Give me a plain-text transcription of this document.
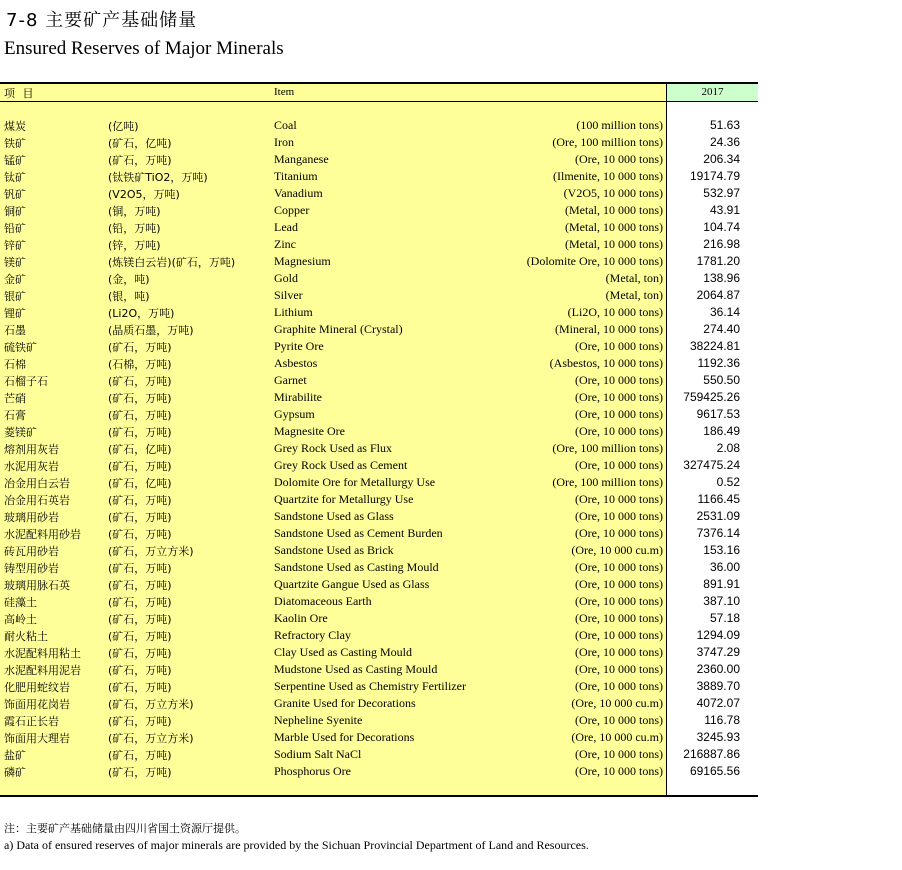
7-8 主要矿产基础储量
Ensured Reserves of Major Minerals
项 目	Item	2017
煤炭	(亿吨)	Coal	(100 million tons)	51.63
铁矿	(矿石，亿吨)	Iron	(Ore, 100 million tons)	24.36
锰矿	(矿石，万吨)	Manganese	(Ore, 10 000 tons)	206.34
钛矿	(钛铁矿TiO2，万吨)	Titanium	(Ilmenite, 10 000 tons) 19174.79
钒矿	(V2O5，万吨)	Vanadium	(V2O5, 10 000 tons)	532.97
铜矿	(铜，万吨)	Copper	(Metal, 10 000 tons)	43.91
铅矿	(铅，万吨)	Lead	(Metal, 10 000 tons)	104.74
锌矿	(锌，万吨)	Zinc	(Metal, 10 000 tons)	216.98
镁矿	(炼镁白云岩)(矿石，万吨)	Magnesium	(Dolomite Ore, 10 000 tons)	1781.20
金矿	(金，吨)	Gold	(Metal, ton)	138.96
银矿	(银，吨)	Silver	(Metal, ton)	2064.87
锂矿	(Li2O，万吨)	Lithium	(Li2O, 10 000 tons)	36.14
石墨	(晶质石墨，万吨)	Graphite Mineral (Crystal)	(Mineral, 10 000 tons)	274.40
硫铁矿	(矿石，万吨)	Pyrite Ore	(Ore, 10 000 tons) 38224.81
石棉	(石棉，万吨)	Asbestos	(Asbestos, 10 000 tons)	1192.36
石榴子石	(矿石，万吨)	Garnet	(Ore, 10 000 tons)	550.50
芒硝	(矿石，万吨)	Mirabilite	(Ore, 10 000 tons) 759425.26
石膏	(矿石，万吨)	Gypsum	(Ore, 10 000 tons)	9617.53
菱镁矿	(矿石，万吨)	Magnesite Ore	(Ore, 10 000 tons)	186.49
熔剂用灰岩	(矿石，亿吨)	Grey Rock Used as Flux	(Ore, 100 million tons)	2.08
水泥用灰岩	(矿石，万吨)	Grey Rock Used as Cement	(Ore, 10 000 tons) 327475.24
冶金用白云岩	(矿石，亿吨)	Dolomite Ore for Metallurgy Use	(Ore, 100 million tons)	0.52
冶金用石英岩	(矿石，万吨)	Quartzite for Metallurgy Use	(Ore, 10 000 tons)	1166.45
玻璃用砂岩	(矿石，万吨)	Sandstone Used as Glass	(Ore, 10 000 tons)	2531.09
水泥配料用砂岩 (矿石，万吨)	Sandstone Used as Cement Burden	(Ore, 10 000 tons)	7376.14
砖瓦用砂岩	(矿石，万立方米)	Sandstone Used as Brick	(Ore, 10 000 cu.m)	153.16
铸型用砂岩	(矿石，万吨)	Sandstone Used as Casting Mould	(Ore, 10 000 tons)	36.00
玻璃用脉石英	(矿石，万吨)	Quartzite Gangue Used as Glass	(Ore, 10 000 tons)	891.91
硅藻土	(矿石，万吨)	Diatomaceous Earth	(Ore, 10 000 tons)	387.10
高岭土	(矿石，万吨)	Kaolin Ore	(Ore, 10 000 tons)	57.18
耐火粘土	(矿石，万吨)	Refractory Clay	(Ore, 10 000 tons)	1294.09
水泥配料用粘土 (矿石，万吨)	Clay Used as Casting Mould	(Ore, 10 000 tons)	3747.29
水泥配料用泥岩 (矿石，万吨)	Mudstone Used as Casting Mould	(Ore, 10 000 tons)	2360.00
化肥用蛇纹岩	(矿石，万吨)	Serpentine Used as Chemistry Fertilizer	(Ore, 10 000 tons)	3889.70
饰面用花岗岩	(矿石，万立方米)	Granite Used for Decorations	(Ore, 10 000 cu.m)	4072.07
霞石正长岩	(矿石，万吨)	Nepheline Syenite	(Ore, 10 000 tons)	116.78
饰面用大理岩	(矿石，万立方米)	Marble Used for Decorations	(Ore, 10 000 cu.m)	3245.93
盐矿	(矿石，万吨)	Sodium Salt NaCl	(Ore, 10 000 tons) 216887.86
磷矿	(矿石，万吨)	Phosphorus Ore	(Ore, 10 000 tons) 69165.56
注：主要矿产基础储量由四川省国土资源厅提供。
a) Data of ensured reserves of major minerals are provided by the Sichuan Provincial Department of Land and Resources.
